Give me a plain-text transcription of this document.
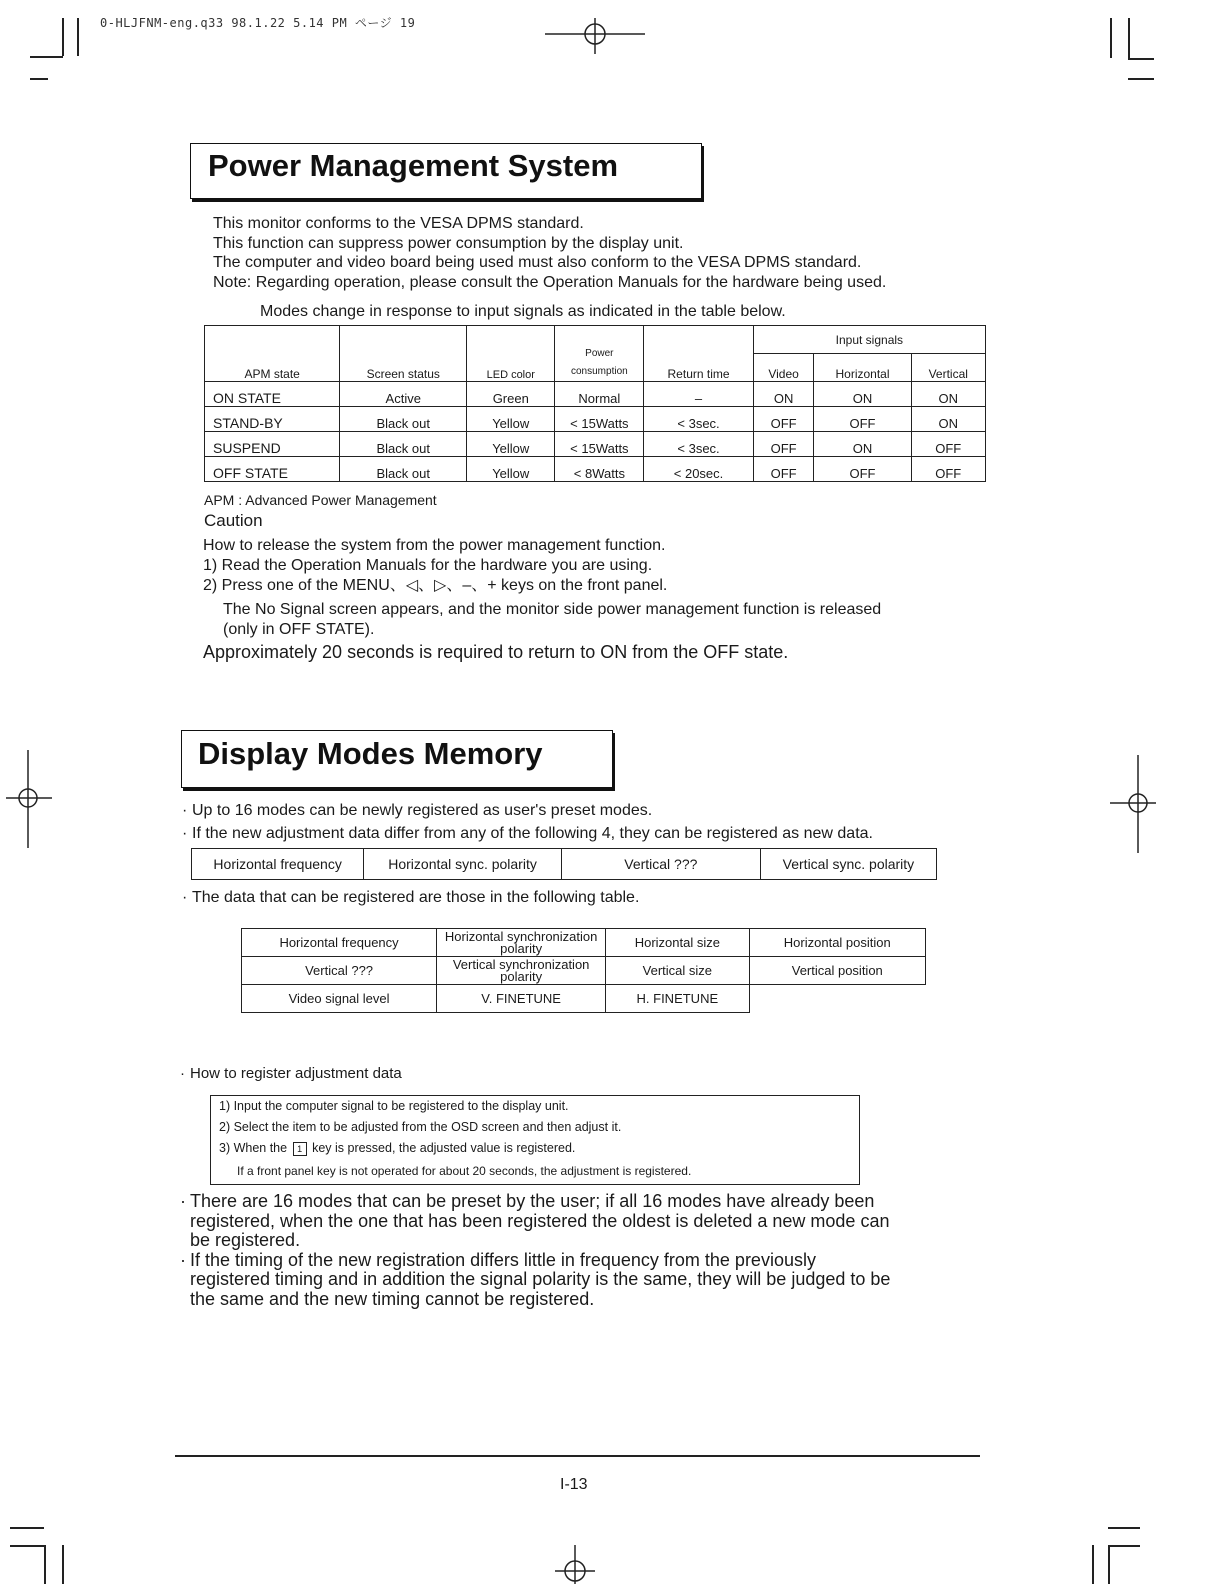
0-HLJFNM-eng.q33 98.1.22 5.14 PM ページ 19
Power Management System
This monitor conforms to the VESA DPMS standard.
This function can suppress power consumption by the display unit.
The computer and video board being used must also conform to the VESA DPMS standard.
Note: Regarding operation, please consult the Operation Manuals for the hardware being used.
Modes change in response to input signals as indicated in the table below.
APM state	Screen status	LED color	Power consumption	Return time	Input signals		
					Video	Horizontal	Vertical
ON STATE	Active	Green	Normal	–	ON	ON	ON
STAND-BY	Black out	Yellow	< 15Watts	< 3sec.	OFF	OFF	ON
SUSPEND	Black out	Yellow	< 15Watts	< 3sec.	OFF	ON	OFF
OFF STATE	Black out	Yellow	< 8Watts	< 20sec.	OFF	OFF	OFF
APM : Advanced Power Management
Caution
How to release the system from the power management function.
1) Read the Operation Manuals for the hardware you are using.
2) Press one of the MENU、◁、▷、–、+ keys on the front panel.
The No Signal screen appears, and the monitor side power management function is released
(only in OFF STATE).
Approximately 20 seconds is required to return to ON from the OFF state.
Display Modes Memory
· Up to 16 modes can be newly registered as user's preset modes.
· If the new adjustment data differ from any of the following 4, they can be registered as new data.
Horizontal frequency	Horizontal sync. polarity	Vertical ???	Vertical sync. polarity
· The data that can be registered are those in the following table.
Horizontal frequency	Horizontal synchronization polarity	Horizontal size	Horizontal position
Vertical ???	Vertical synchronization polarity	Vertical size	Vertical position
Video signal level	V. FINETUNE	H. FINETUNE	
· How to register adjustment data
1) Input the computer signal to be registered to the display unit.
2) Select the item to be adjusted from the OSD screen and then adjust it.
3) When the 1 key is pressed, the adjusted value is registered.
If a front panel key is not operated for about 20 seconds, the adjustment is registered.
· There are 16 modes that can be preset by the user; if all 16 modes have already been
registered, when the one that has been registered the oldest is deleted a new mode can
be registered.
· If the timing of the new registration differs little in frequency from the previously
registered timing and in addition the signal polarity is the same, they will be judged to be
the same and the new timing cannot be registered.
I-13
